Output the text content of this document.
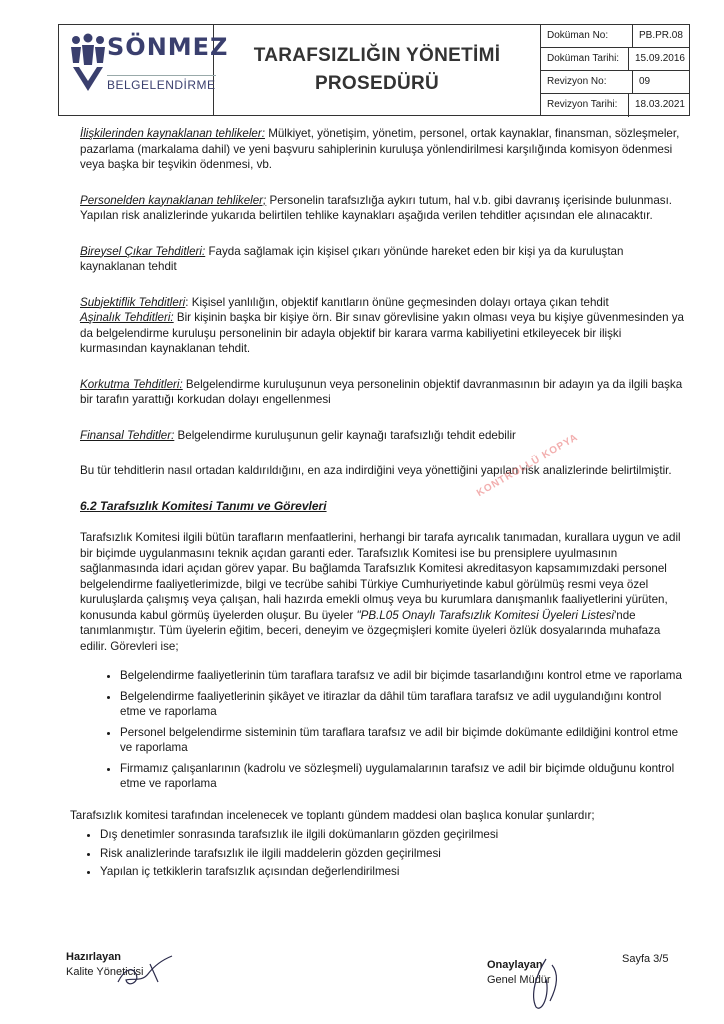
SÖNMEZ
BELGELENDİRME
TARAFSIZLIĞIN YÖNETİMİ
PROSEDÜRÜ
Doküman No:	PB.PR.08
Doküman Tarihi:	15.09.2016
Revizyon No:	09
Revizyon Tarihi:	18.03.2021

İlişkilerinden kaynaklanan tehlikeler: Mülkiyet, yönetişim, yönetim, personel, ortak kaynaklar, finansman, sözleşmeler, pazarlama (markalama dahil) ve yeni başvuru sahiplerinin kuruluşa yönlendirilmesi karşılığında komisyon ödenmesi veya başka bir teşvikin ödenmesi, vb.

Personelden kaynaklanan tehlikeler; Personelin tarafsızlığa aykırı tutum, hal v.b. gibi davranış içerisinde bulunması. Yapılan risk analizlerinde yukarıda belirtilen tehlike kaynakları aşağıda verilen tehditler açısından ele alınacaktır.

Bireysel Çıkar Tehditleri: Fayda sağlamak için kişisel çıkarı yönünde hareket eden bir kişi ya da kuruluştan kaynaklanan tehdit

Subjektiflik Tehditleri: Kişisel yanlılığın, objektif kanıtların önüne geçmesinden dolayı ortaya çıkan tehdit
Aşinalık Tehditleri: Bir kişinin başka bir kişiye örn. Bir sınav görevlisine yakın olması veya bu kişiye güvenmesinden ya da belgelendirme kuruluşu personelinin bir adayla objektif bir karara varma kabiliyetini etkileyecek bir ilişki kurmasından kaynaklanan tehdit.

Korkutma Tehditleri: Belgelendirme kuruluşunun veya personelinin objektif davranmasının bir adayın ya da ilgili başka bir tarafın yarattığı korkudan dolayı engellenmesi

Finansal Tehditler: Belgelendirme kuruluşunun gelir kaynağı tarafsızlığı tehdit edebilir

Bu tür tehditlerin nasıl ortadan kaldırıldığını, en aza indirdiğini veya yönettiğini yapılan risk analizlerinde belirtilmiştir.

6.2 Tarafsızlık Komitesi Tanımı ve Görevleri

Tarafsızlık Komitesi ilgili bütün tarafların menfaatlerini, herhangi bir tarafa ayrıcalık tanımadan, kurallara uygun ve adil bir biçimde uygulanmasını teknik açıdan garanti eder. Tarafsızlık Komitesi ise bu prensiplere uyulmasının sağlanmasında idari açıdan görev yapar. Bu bağlamda Tarafsızlık Komitesi akreditasyon kapsamımızdaki personel belgelendirme faaliyetlerimizde, bilgi ve tecrübe sahibi Türkiye Cumhuriyetinde kabul görülmüş resmi veya özel kuruluşlarda çalışmış veya çalışan, hali hazırda emekli olmuş veya bu kurumlara danışmanlık faaliyetlerini yürüten, konusunda kabul görmüş üyelerden oluşur. Bu üyeler "PB.L05 Onaylı Tarafsızlık Komitesi Üyeleri Listesi'nde tanımlanmıştır. Tüm üyelerin eğitim, beceri, deneyim ve özgeçmişleri komite üyeleri özlük dosyalarında muhafaza edilir. Görevleri ise;

• Belgelendirme faaliyetlerinin tüm taraflara tarafsız ve adil bir biçimde tasarlandığını kontrol etme ve raporlama
• Belgelendirme faaliyetlerinin şikâyet ve itirazlar da dâhil tüm taraflara tarafsız ve adil uygulandığını kontrol etme ve raporlama
• Personel belgelendirme sisteminin tüm taraflara tarafsız ve adil bir biçimde dokümante edildiğini kontrol etme ve raporlama
• Firmamız çalışanlarının (kadrolu ve sözleşmeli) uygulamalarının tarafsız ve adil bir biçimde olduğunu kontrol etme ve raporlama

Tarafsızlık komitesi tarafından incelenecek ve toplantı gündem maddesi olan başlıca konular şunlardır;

• Dış denetimler sonrasında tarafsızlık ile ilgili dokümanların gözden geçirilmesi
• Risk analizlerinde tarafsızlık ile ilgili maddelerin gözden geçirilmesi
• Yapılan iç tetkiklerin tarafsızlık açısından değerlendirilmesi
KONTROLLÜ KOPYA
Hazırlayan
Kalite Yöneticisi
Onaylayan
Genel Müdür
Sayfa 3/5
